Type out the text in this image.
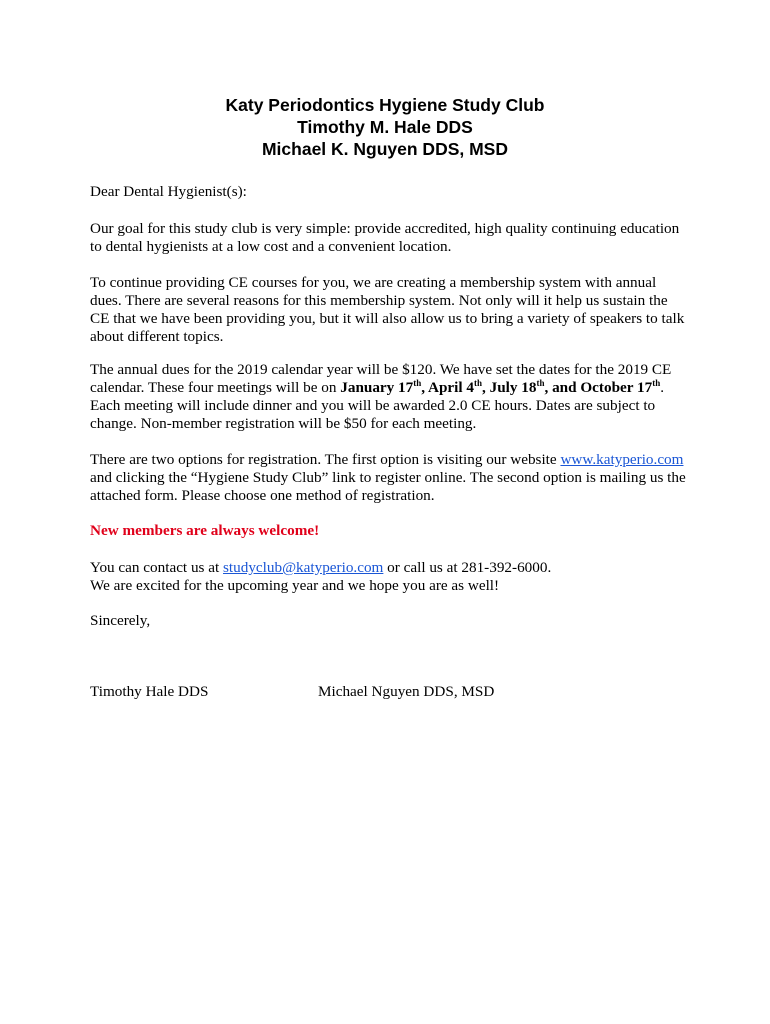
Katy Periodontics Hygiene Study Club
Timothy M. Hale DDS
Michael K. Nguyen DDS, MSD
Dear Dental Hygienist(s):
Our goal for this study club is very simple: provide accredited, high quality continuing education to dental hygienists at a low cost and a convenient location.
To continue providing CE courses for you, we are creating a membership system with annual dues. There are several reasons for this membership system. Not only will it help us sustain the CE that we have been providing you, but it will also allow us to bring a variety of speakers to talk about different topics.
The annual dues for the 2019 calendar year will be $120. We have set the dates for the 2019 CE calendar. These four meetings will be on January 17th, April 4th, July 18th, and October 17th. Each meeting will include dinner and you will be awarded 2.0 CE hours. Dates are subject to change. Non-member registration will be $50 for each meeting.
There are two options for registration. The first option is visiting our website www.katyperio.com and clicking the “Hygiene Study Club” link to register online. The second option is mailing us the attached form. Please choose one method of registration.
New members are always welcome!
You can contact us at studyclub@katyperio.com or call us at 281-392-6000.
We are excited for the upcoming year and we hope you are as well!
Sincerely,
Timothy Hale DDS	Michael Nguyen DDS, MSD
